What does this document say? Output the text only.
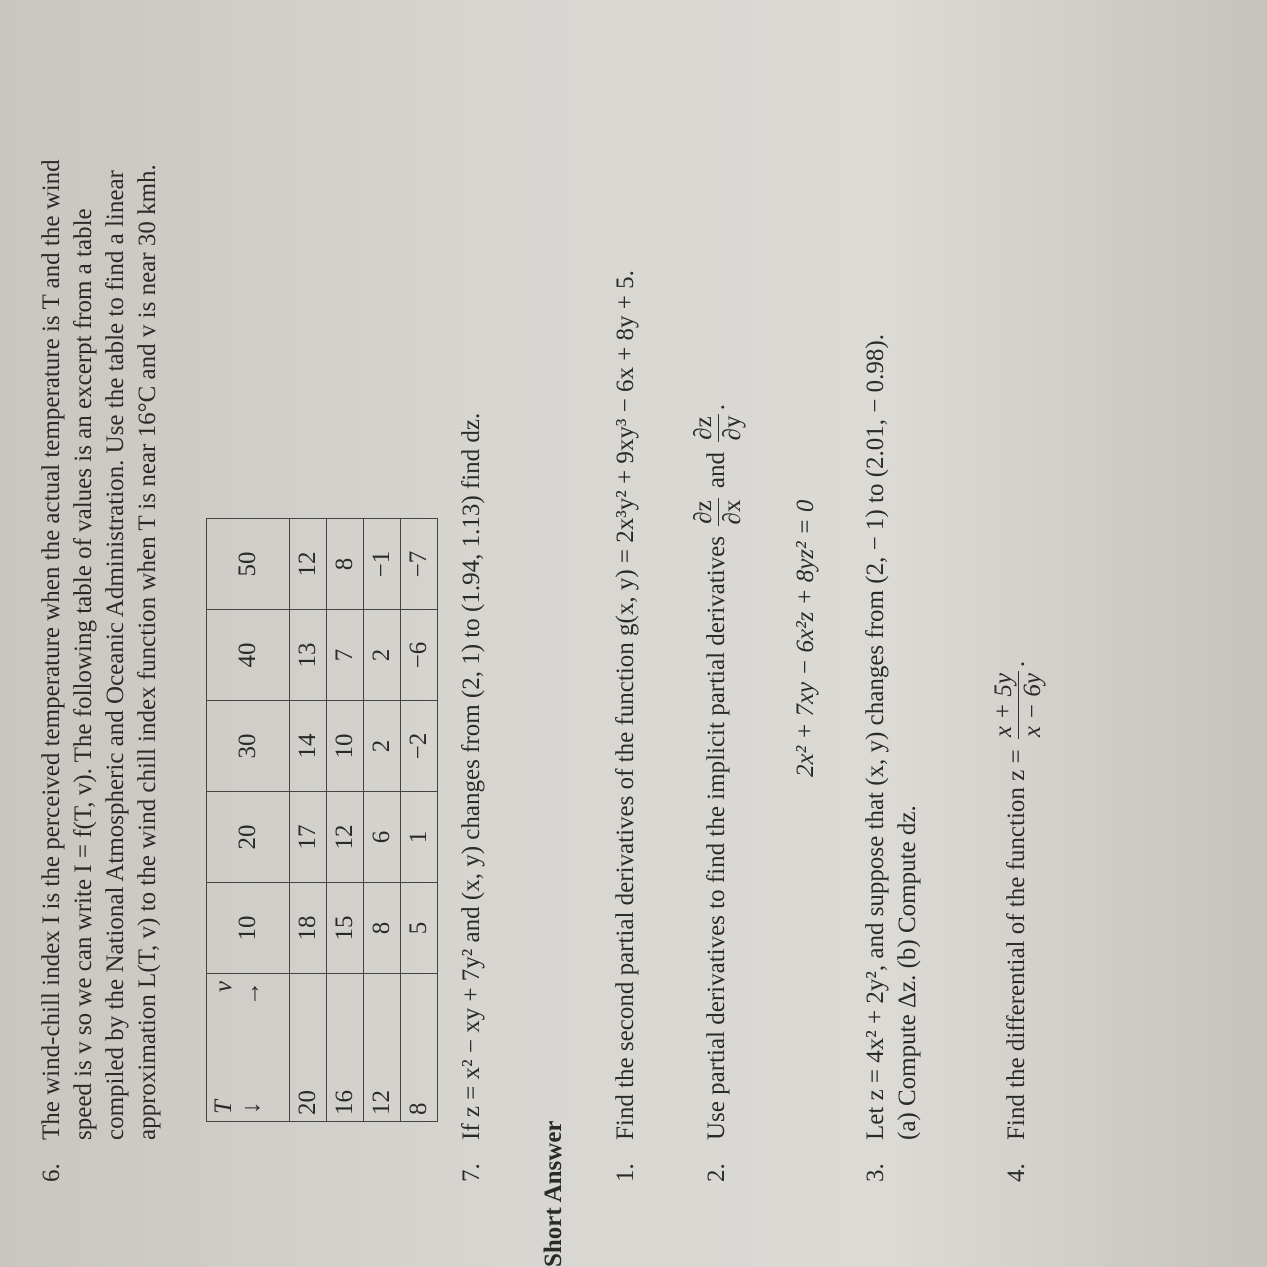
6.The wind-chill index I is the perceived temperature when the actual temperature is T and the wind speed is v so we can write I = f(T, v). The following table of values is an excerpt from a table compiled by the National Atmospheric and Oceanic Administration. Use the table to find a linear approximation L(T, v) to the wind chill index function when T is near 16°C and v is near 30 kmh. T ↓
v →	10	20	30	40	50
20	18	17	14	13	12
16	15	12	10	7	8
12	8	6	2	2	−1
8	5	1	−2	−6	−7
7.If z = x² − xy + 7y² and (x, y) changes from (2, 1) to (1.94, 1.13) find dz.
Short Answer 1.Find the second partial derivatives of the function g(x, y) = 2x³y² + 9xy³ − 6x + 8y + 5.
2.Use partial derivatives to find the implicit partial derivatives
∂z ∂x
and
∂z ∂y
.
2x² + 7xy − 6x²z + 8yz² = 0
3.Let z = 4x² + 2y², and suppose that (x, y) changes from (2, − 1) to (2.01, − 0.98). (a) Compute Δz. (b) Compute dz.
4.Find the differential of the function z =
x + 5y x − 6y
.
